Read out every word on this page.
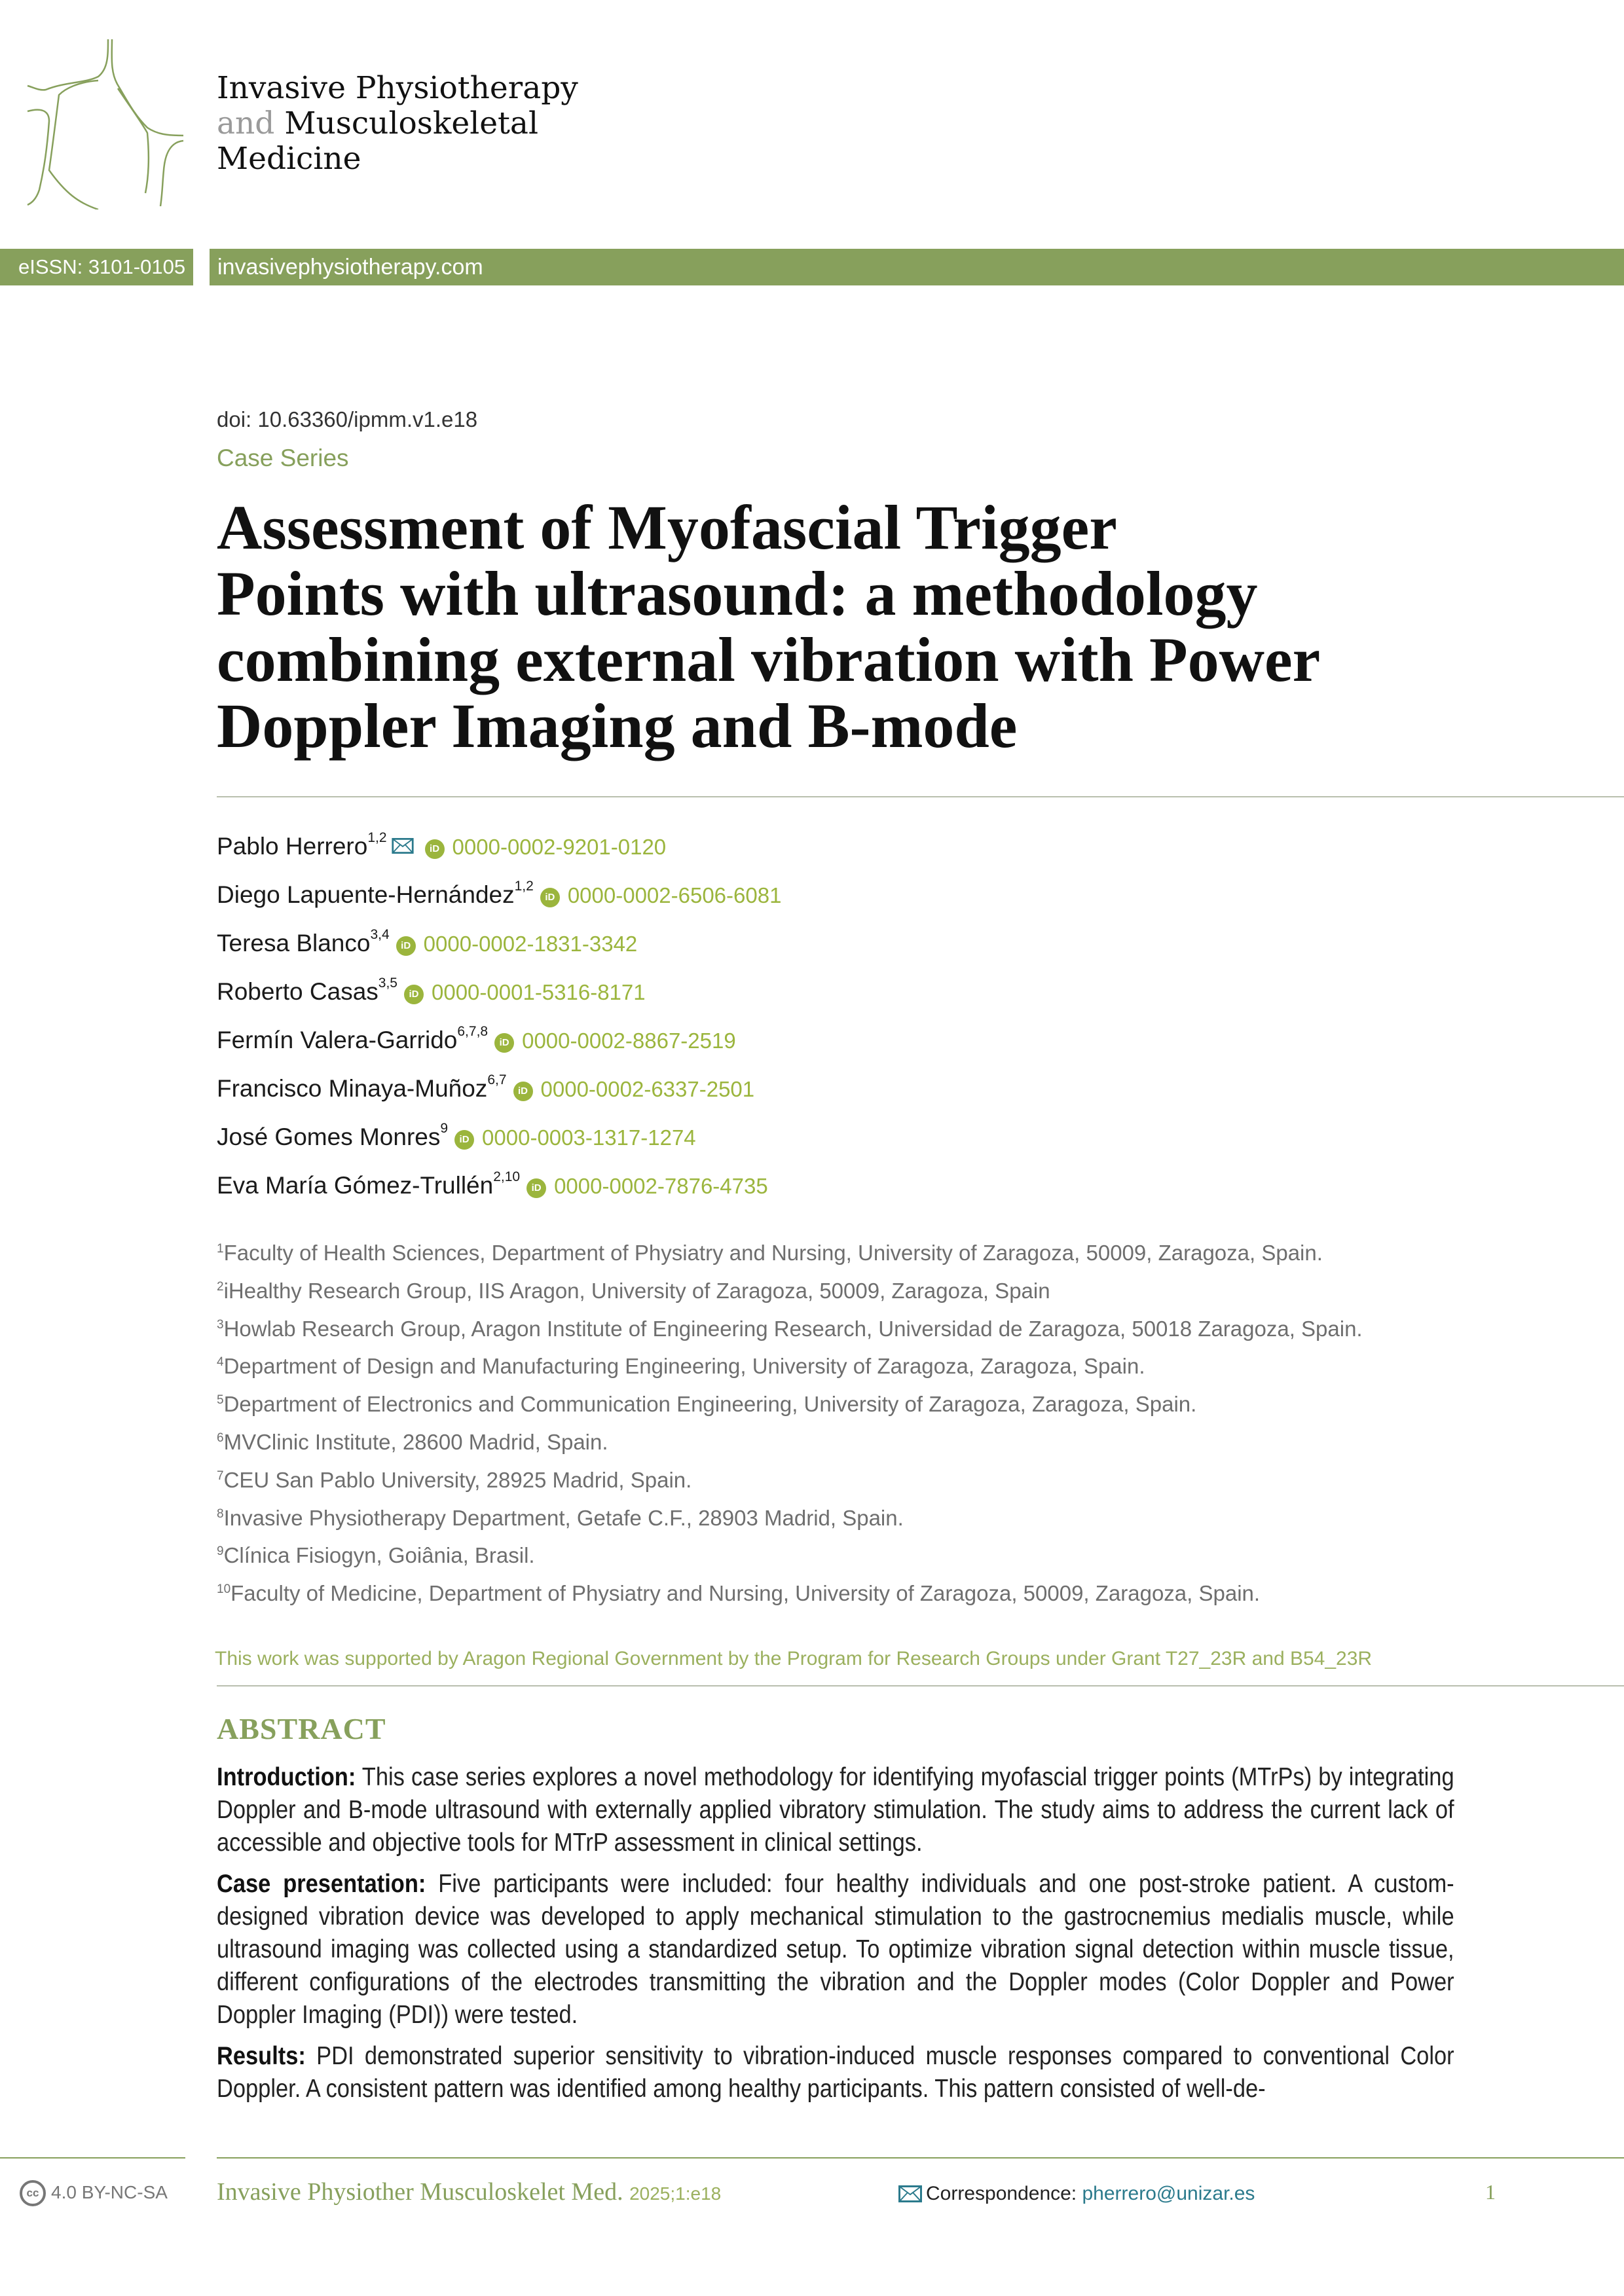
Invasive Physiotherapy
and Musculoskeletal
Medicine
eISSN: 3101-0105	invasivephysiotherapy.com
doi: 10.63360/ipmm.v1.e18
Case Series
Assessment of Myofascial Trigger
Points with ultrasound: a methodology
combining external vibration with Power
Doppler Imaging and B-mode
Pablo Herrero$^{1,2}$
iD 0000-0002-9201-0120
Diego Lapuente-Hernández$^{1,2}$
iD 0000-0002-6506-6081
Teresa Blanco$^{3,4}$
iD 0000-0002-1831-3342
Roberto Casas$^{3,5}$
iD 0000-0001-5316-8171
Fermín Valera-Garrido$^{6,7,8}$
iD 0000-0002-8867-2519
Francisco Minaya-Muñoz$^{6,7}$
iD 0000-0002-6337-2501
José Gomes Monres$^9$
iD 0000-0003-1317-1274
Eva María Gómez-Trullén$^{2,10}$
iD 0000-0002-7876-4735
$^1$Faculty of Health Sciences, Department of Physiatry and Nursing, University of Zaragoza, 50009, Zaragoza, Spain.
$^2$iHealthy Research Group, IIS Aragon, University of Zaragoza, 50009, Zaragoza, Spain
$^3$Howlab Research Group, Aragon Institute of Engineering Research, Universidad de Zaragoza, 50018 Zaragoza, Spain.
$^4$Department of Design and Manufacturing Engineering, University of Zaragoza, Zaragoza, Spain.
$^5$Department of Electronics and Communication Engineering, University of Zaragoza, Zaragoza, Spain.
$^6$MVClinic Institute, 28600 Madrid, Spain.
$^7$CEU San Pablo University, 28925 Madrid, Spain.
$^8$Invasive Physiotherapy Department, Getafe C.F., 28903 Madrid, Spain.
$^9$Clínica Fisiogyn, Goiânia, Brasil.
$^{10}$Faculty of Medicine, Department of Physiatry and Nursing, University of Zaragoza, 50009, Zaragoza, Spain.
This work was supported by Aragon Regional Government by the Program for Research Groups under Grant T27_23R and B54_23R
ABSTRACT

Introduction: This case series explores a novel methodology for identifying myofascial trigger points (MTrPs) by integrating Doppler and B-mode ultrasound with externally applied vibratory stimulation. The study aims to address the current lack of accessible and objective tools for MTrP assessment in clinical settings.

Case presentation: Five participants were included: four healthy individuals and one post-stroke patient. A custom-designed vibration device was developed to apply mechanical stimulation to the gastrocnemius medialis muscle, while ultrasound imaging was collected using a standardized setup. To optimize vibration signal detection within muscle tissue, different configurations of the electrodes transmitting the vibration and the Doppler modes (Color Doppler and Power Doppler Imaging (PDI)) were tested.

Results: PDI demonstrated superior sensitivity to vibration-induced muscle responses compared to conventional Color Doppler. A consistent pattern was identified among healthy participants. This pattern consisted of well-de-

cc 4.0 BY-NC-SA Invasive Physiother Musculoskelet Med. 2025;1:e18	Correspondence:
pherrero@unizar.es	1
